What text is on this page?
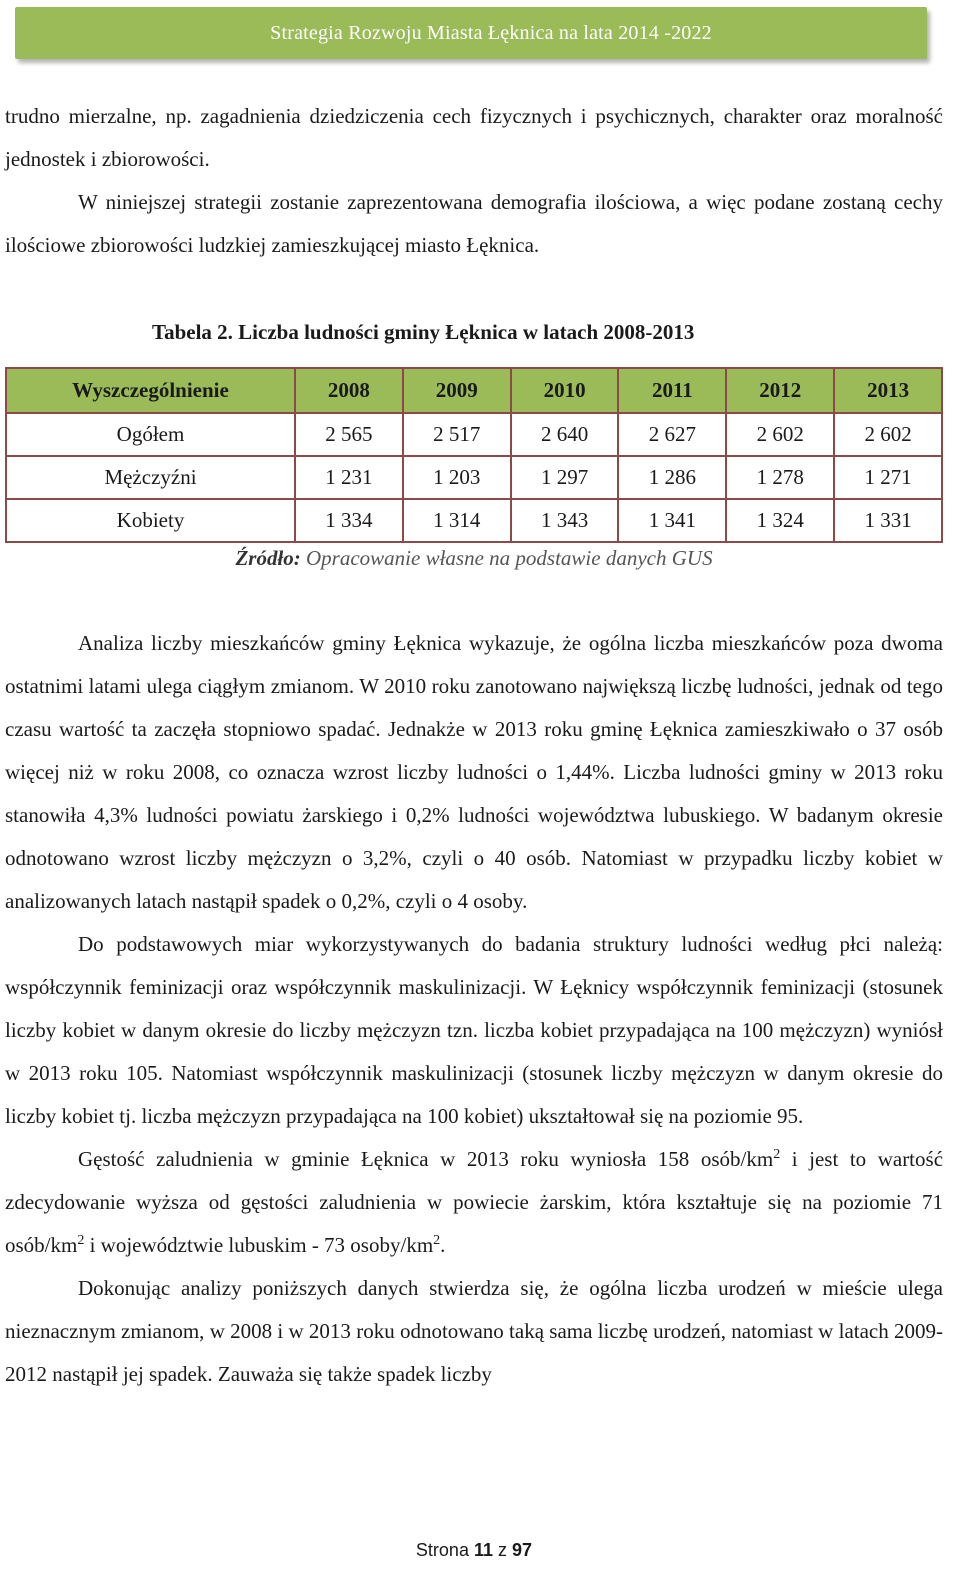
Strategia Rozwoju Miasta Łęknica na lata 2014 -2022

trudno mierzalne, np. zagadnienia dziedziczenia cech fizycznych i psychicznych, charakter oraz moralność jednostek i zbiorowości.

W niniejszej strategii zostanie zaprezentowana demografia ilościowa, a więc podane zostaną cechy ilościowe zbiorowości ludzkiej zamieszkującej miasto Łęknica.

Tabela 2. Liczba ludności gminy Łęknica w latach 2008-2013
Wyszczególnienie	2008	2009	2010	2011	2012	2013
Ogółem	2 565	2 517	2 640	2 627	2 602	2 602
Mężczyźni	1 231	1 203	1 297	1 286	1 278	1 271
Kobiety	1 334	1 314	1 343	1 341	1 324	1 331
Źródło: Opracowanie własne na podstawie danych GUS

Analiza liczby mieszkańców gminy Łęknica wykazuje, że ogólna liczba mieszkańców poza dwoma ostatnimi latami ulega ciągłym zmianom. W 2010 roku zanotowano największą liczbę ludności, jednak od tego czasu wartość ta zaczęła stopniowo spadać. Jednakże w 2013 roku gminę Łęknica zamieszkiwało o 37 osób więcej niż w roku 2008, co oznacza wzrost liczby ludności o 1,44%. Liczba ludności gminy w 2013 roku stanowiła 4,3% ludności powiatu żarskiego i 0,2% ludności województwa lubuskiego. W badanym okresie odnotowano wzrost liczby mężczyzn o 3,2%, czyli o 40 osób. Natomiast w przypadku liczby kobiet w analizowanych latach nastąpił spadek o 0,2%, czyli o 4 osoby.

Do podstawowych miar wykorzystywanych do badania struktury ludności według płci należą: współczynnik feminizacji oraz współczynnik maskulinizacji. W Łęknicy współczynnik feminizacji (stosunek liczby kobiet w danym okresie do liczby mężczyzn tzn. liczba kobiet przypadająca na 100 mężczyzn) wyniósł w 2013 roku 105. Natomiast współczynnik maskulinizacji (stosunek liczby mężczyzn w danym okresie do liczby kobiet tj. liczba mężczyzn przypadająca na 100 kobiet) ukształtował się na poziomie 95.

Gęstość zaludnienia w gminie Łęknica w 2013 roku wyniosła 158 osób/$km^2$ i jest to wartość zdecydowanie wyższa od gęstości zaludnienia w powiecie żarskim, która kształtuje się na poziomie 71 osób/$km^2$ i województwie lubuskim - 73 osoby/$km^2$.

Dokonując analizy poniższych danych stwierdza się, że ogólna liczba urodzeń w mieście ulega nieznacznym zmianom, w 2008 i w 2013 roku odnotowano taką sama liczbę urodzeń, natomiast w latach 2009-2012 nastąpił jej spadek. Zauważa się także spadek liczby

Strona 11 z 97
